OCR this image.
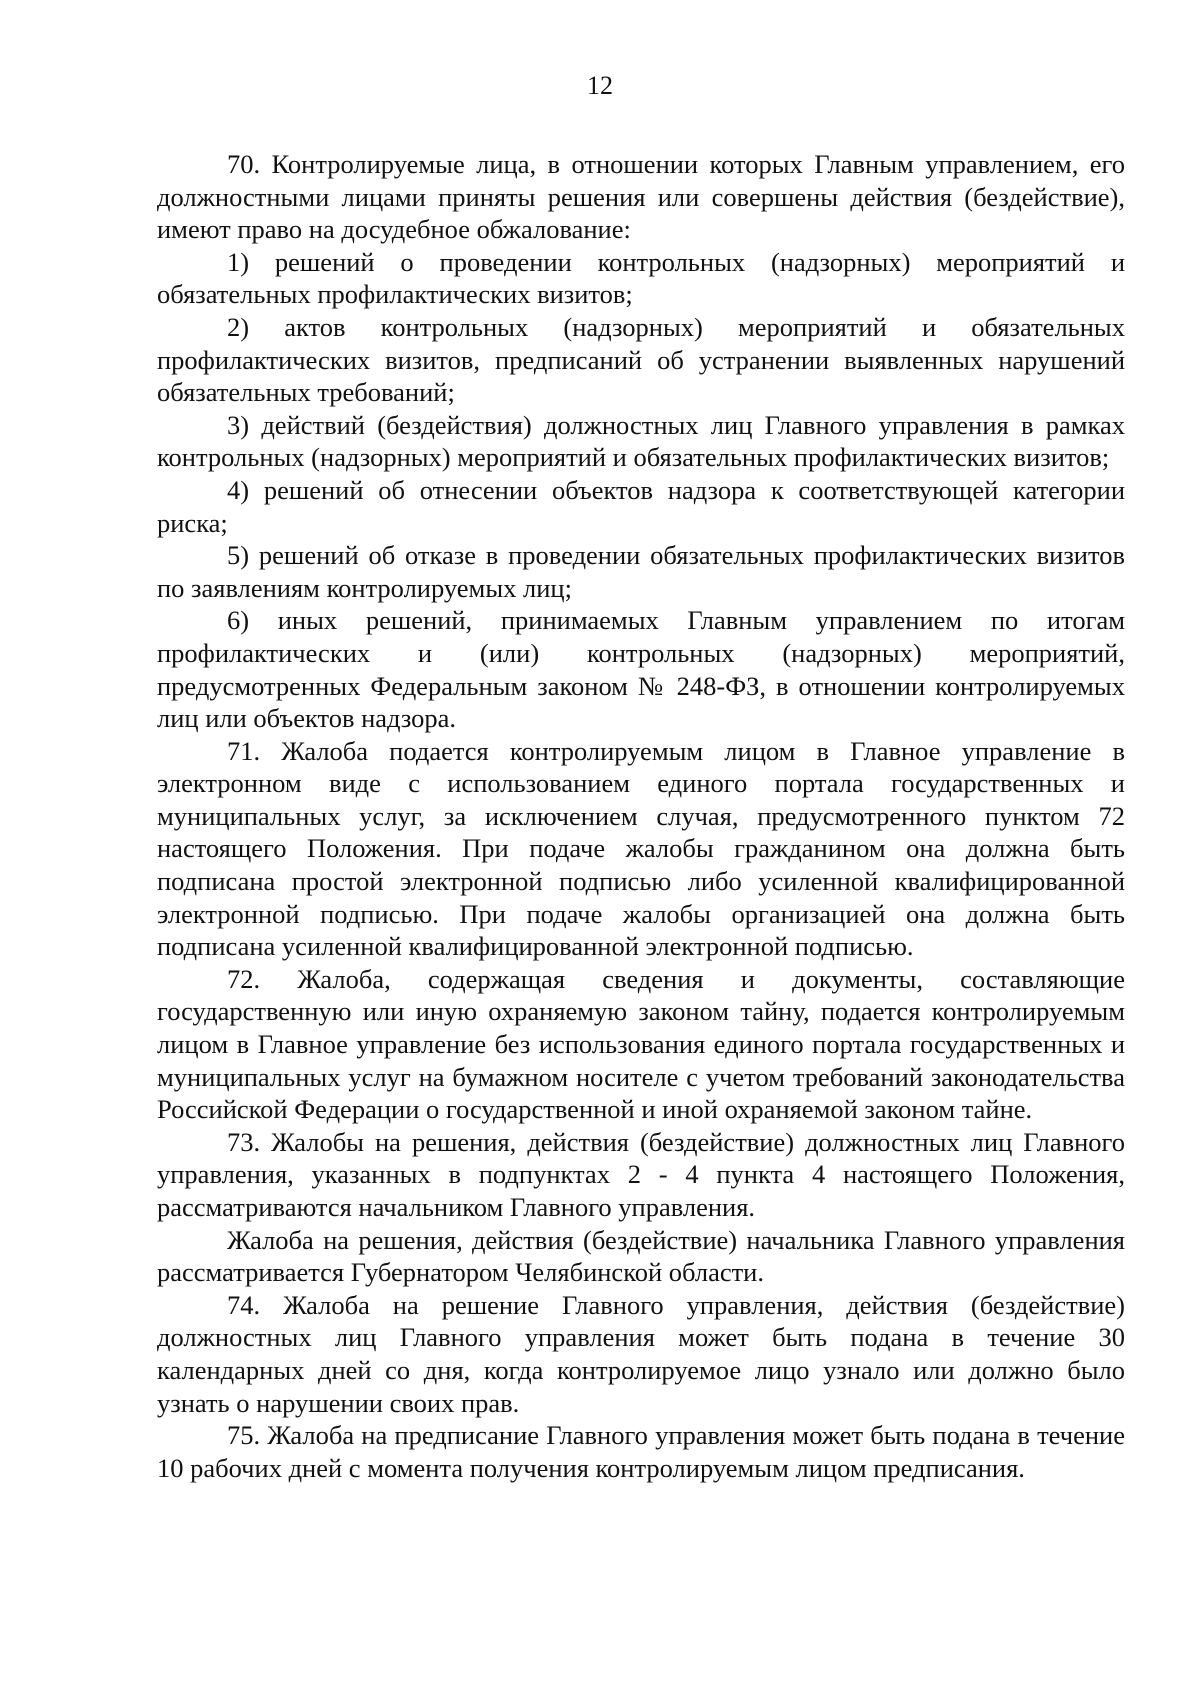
12

70. Контролируемые лица, в отношении которых Главным управлением, его должностными лицами приняты решения или совершены действия (бездействие), имеют право на досудебное обжалование:

1) решений о проведении контрольных (надзорных) мероприятий и обязательных профилактических визитов;

2) актов контрольных (надзорных) мероприятий и обязательных профилактических визитов, предписаний об устранении выявленных нарушений обязательных требований;

3) действий (бездействия) должностных лиц Главного управления в рамках контрольных (надзорных) мероприятий и обязательных профилактических визитов;

4) решений об отнесении объектов надзора к соответствующей категории риска;

5) решений об отказе в проведении обязательных профилактических визитов по заявлениям контролируемых лиц;

6) иных решений, принимаемых Главным управлением по итогам профилактических и (или) контрольных (надзорных) мероприятий, предусмотренных Федеральным законом № 248-ФЗ, в отношении контролируемых лиц или объектов надзора.

71. Жалоба подается контролируемым лицом в Главное управление в электронном виде с использованием единого портала государственных и муниципальных услуг, за исключением случая, предусмотренного пунктом 72 настоящего Положения. При подаче жалобы гражданином она должна быть подписана простой электронной подписью либо усиленной квалифицированной электронной подписью. При подаче жалобы организацией она должна быть подписана усиленной квалифицированной электронной подписью.

72. Жалоба, содержащая сведения и документы, составляющие государственную или иную охраняемую законом тайну, подается контролируемым лицом в Главное управление без использования единого портала государственных и муниципальных услуг на бумажном носителе с учетом требований законодательства Российской Федерации о государственной и иной охраняемой законом тайне.

73. Жалобы на решения, действия (бездействие) должностных лиц Главного управления, указанных в подпунктах 2 - 4 пункта 4 настоящего Положения, рассматриваются начальником Главного управления.

Жалоба на решения, действия (бездействие) начальника Главного управления рассматривается Губернатором Челябинской области.

74. Жалоба на решение Главного управления, действия (бездействие) должностных лиц Главного управления может быть подана в течение 30 календарных дней со дня, когда контролируемое лицо узнало или должно было узнать о нарушении своих прав.

75. Жалоба на предписание Главного управления может быть подана в течение 10 рабочих дней с момента получения контролируемым лицом предписания.
